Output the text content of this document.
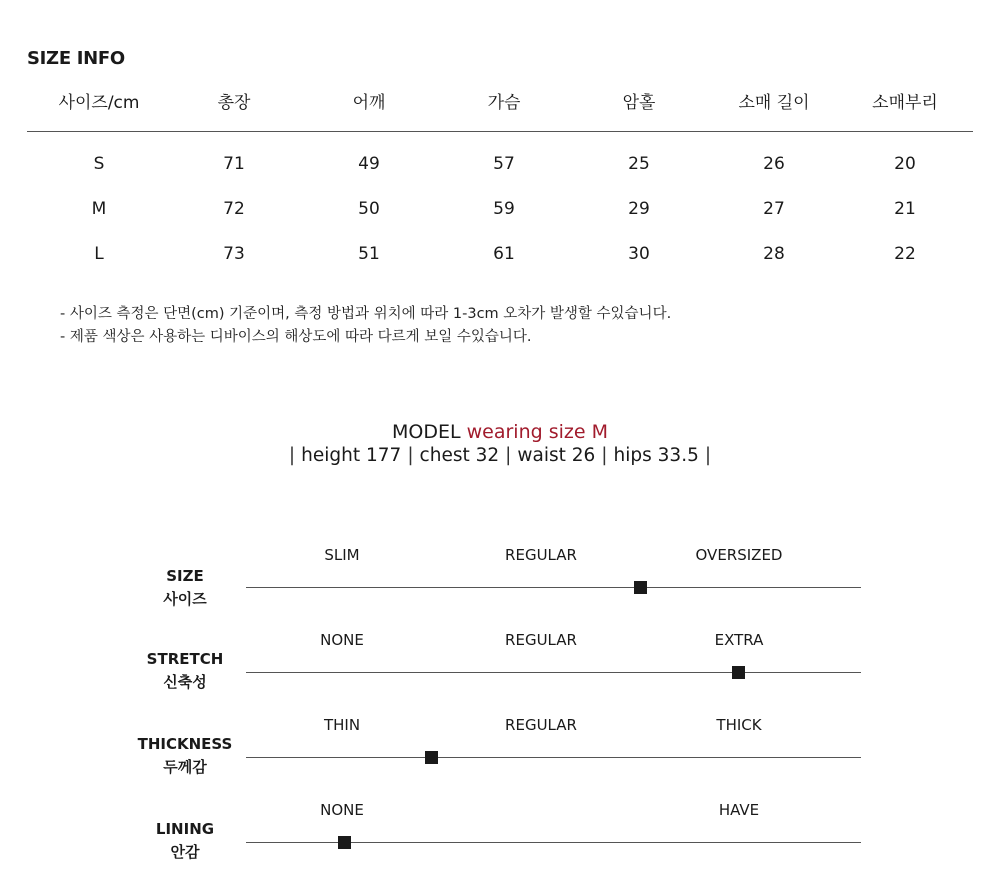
SIZE INFO
사이즈/cm	총장	어깨	가슴	암홀	소매 길이	소매부리
S	71	49	57	25	26	20
M	72	50	59	29	27	21
L	73	51	61	30	28	22
- 사이즈 측정은 단면(cm) 기준이며, 측정 방법과 위치에 따라 1-3cm 오차가 발생할 수있습니다.
- 제품 색상은 사용하는 디바이스의 해상도에 따라 다르게 보일 수있습니다.
MODEL wearing size M
| height 177 | chest 32 | waist 26 | hips 33.5 |
SIZE
사이즈
SLIM	REGULAR	OVERSIZED
STRETCH
신축성
NONE	REGULAR	EXTRA
THICKNESS
두께감
THIN	REGULAR	THICK
LINING
안감
NONE	HAVE
